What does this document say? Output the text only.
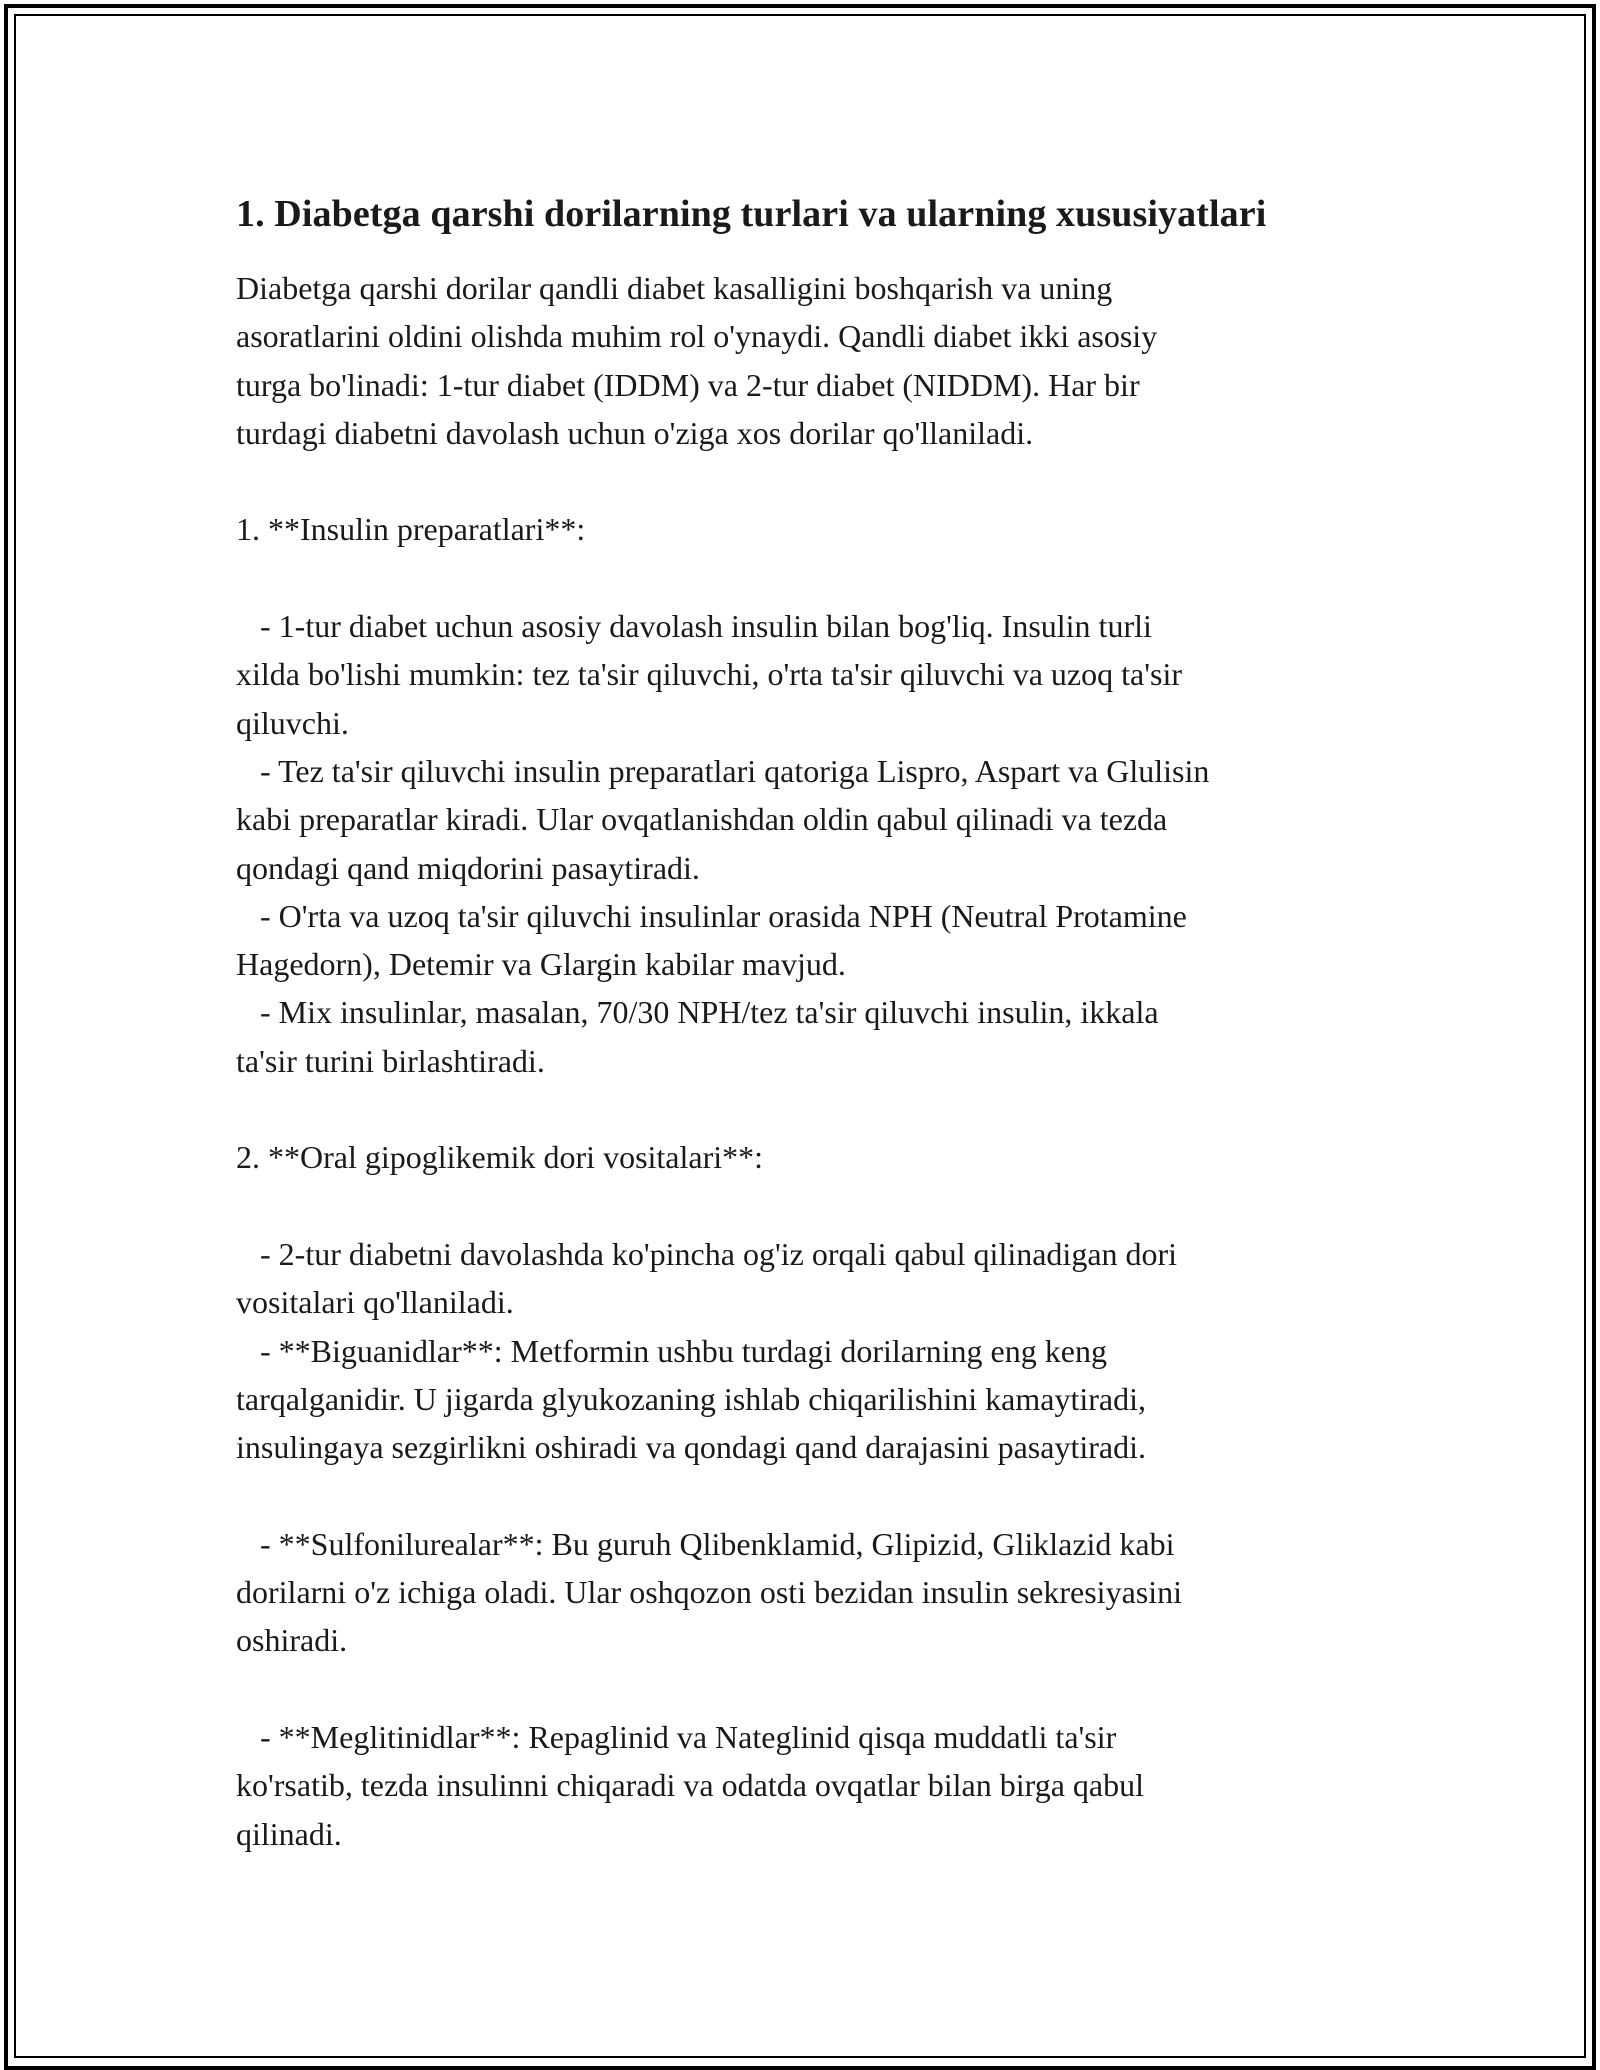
1. Diabetga qarshi dorilarning turlari va ularning xususiyatlari

Diabetga qarshi dorilar qandli diabet kasalligini boshqarish va uning
asoratlarini oldini olishda muhim rol o'ynaydi. Qandli diabet ikki asosiy
turga bo'linadi: 1-tur diabet (IDDM) va 2-tur diabet (NIDDM). Har bir
turdagi diabetni davolash uchun o'ziga xos dorilar qo'llaniladi.

1. **Insulin preparatlari**:

- 1-tur diabet uchun asosiy davolash insulin bilan bog'liq. Insulin turli
xilda bo'lishi mumkin: tez ta'sir qiluvchi, o'rta ta'sir qiluvchi va uzoq ta'sir
qiluvchi.

- Tez ta'sir qiluvchi insulin preparatlari qatoriga Lispro, Aspart va Glulisin
kabi preparatlar kiradi. Ular ovqatlanishdan oldin qabul qilinadi va tezda
qondagi qand miqdorini pasaytiradi.

- O'rta va uzoq ta'sir qiluvchi insulinlar orasida NPH (Neutral Protamine
Hagedorn), Detemir va Glargin kabilar mavjud.

- Mix insulinlar, masalan, 70/30 NPH/tez ta'sir qiluvchi insulin, ikkala
ta'sir turini birlashtiradi.

2. **Oral gipoglikemik dori vositalari**:

- 2-tur diabetni davolashda ko'pincha og'iz orqali qabul qilinadigan dori
vositalari qo'llaniladi.

- **Biguanidlar**: Metformin ushbu turdagi dorilarning eng keng
tarqalganidir. U jigarda glyukozaning ishlab chiqarilishini kamaytiradi,
insulingaya sezgirlikni oshiradi va qondagi qand darajasini pasaytiradi.

- **Sulfonilurealar**: Bu guruh Qlibenklamid, Glipizid, Gliklazid kabi
dorilarni o'z ichiga oladi. Ular oshqozon osti bezidan insulin sekresiyasini
oshiradi.

- **Meglitinidlar**: Repaglinid va Nateglinid qisqa muddatli ta'sir
ko'rsatib, tezda insulinni chiqaradi va odatda ovqatlar bilan birga qabul
qilinadi.
